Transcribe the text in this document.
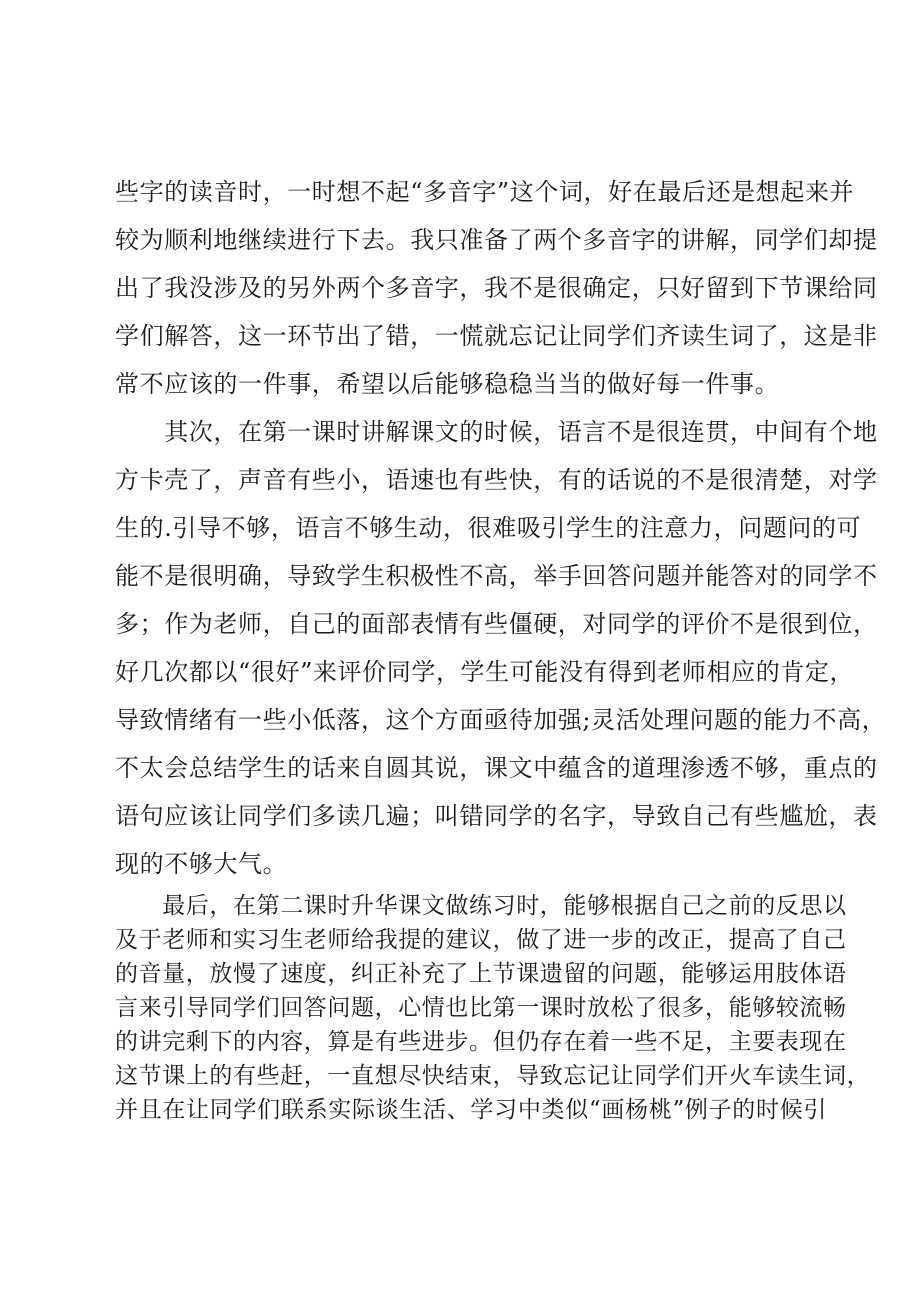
些字的读音时，一时想不起“多音字”这个词，好在最后还是想起来并
较为顺利地继续进行下去。我只准备了两个多音字的讲解，同学们却提
出了我没涉及的另外两个多音字，我不是很确定，只好留到下节课给同
学们解答，这一环节出了错，一慌就忘记让同学们齐读生词了，这是非
常不应该的一件事，希望以后能够稳稳当当的做好每一件事。
　　其次，在第一课时讲解课文的时候，语言不是很连贯，中间有个地
方卡壳了，声音有些小，语速也有些快，有的话说的不是很清楚，对学
生的.引导不够，语言不够生动，很难吸引学生的注意力，问题问的可
能不是很明确，导致学生积极性不高，举手回答问题并能答对的同学不
多；作为老师，自己的面部表情有些僵硬，对同学的评价不是很到位，
好几次都以“很好”来评价同学，学生可能没有得到老师相应的肯定，
导致情绪有一些小低落，这个方面亟待加强;灵活处理问题的能力不高，
不太会总结学生的话来自圆其说，课文中蕴含的道理渗透不够，重点的
语句应该让同学们多读几遍；叫错同学的名字，导致自己有些尴尬，表
现的不够大气。
　　最后，在第二课时升华课文做练习时，能够根据自己之前的反思以
及于老师和实习生老师给我提的建议，做了进一步的改正，提高了自己
的音量，放慢了速度，纠正补充了上节课遗留的问题，能够运用肢体语
言来引导同学们回答问题，心情也比第一课时放松了很多，能够较流畅
的讲完剩下的内容，算是有些进步。但仍存在着一些不足，主要表现在
这节课上的有些赶，一直想尽快结束，导致忘记让同学们开火车读生词，
并且在让同学们联系实际谈生活、学习中类似“画杨桃”例子的时候引
